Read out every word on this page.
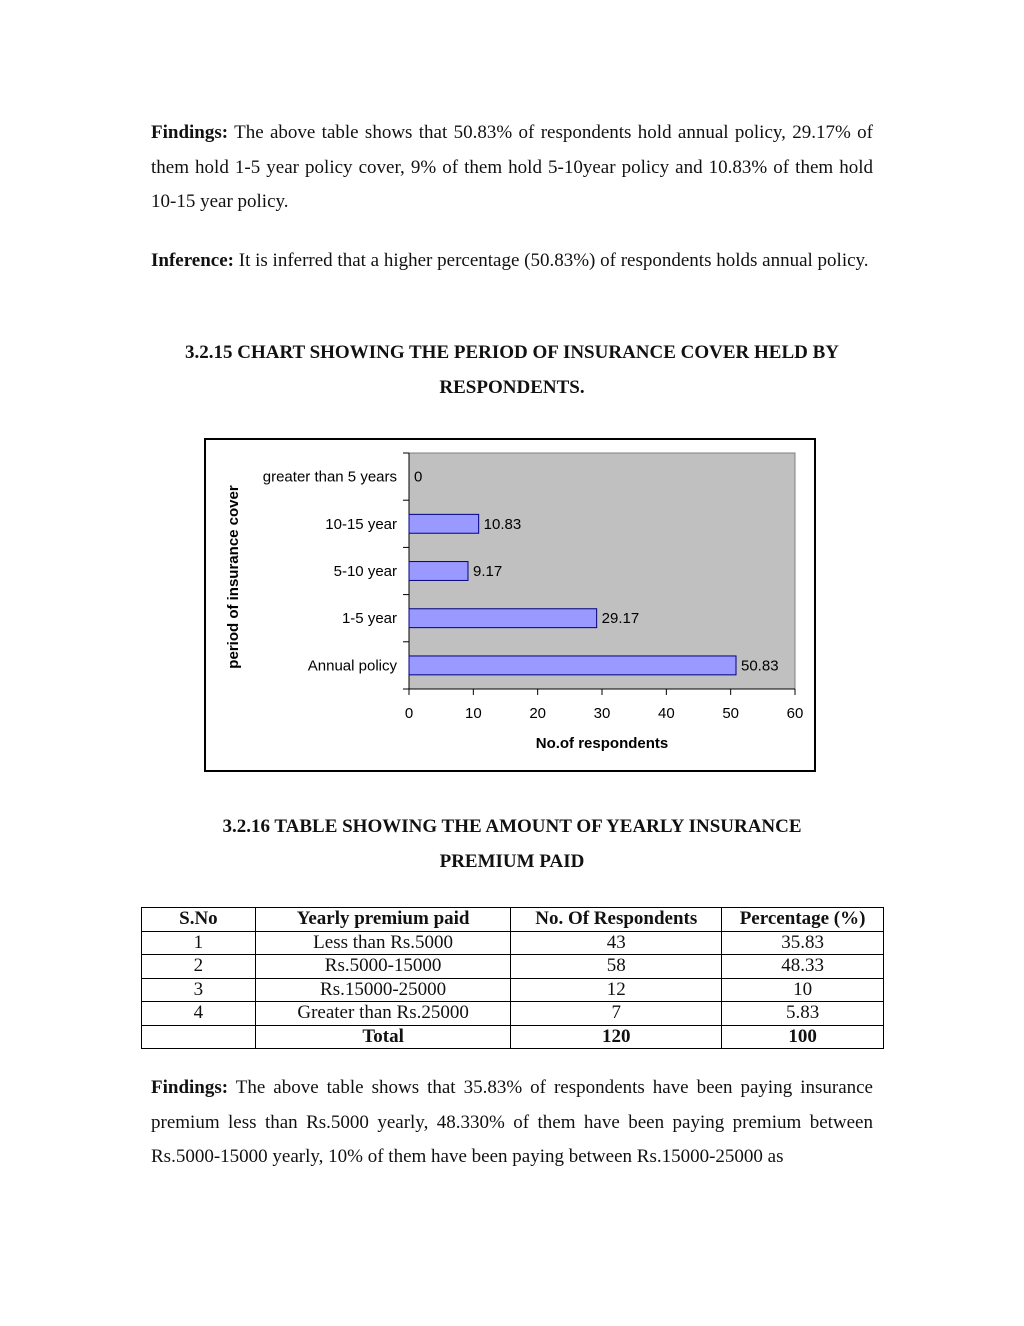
Findings: The above table shows that 50.83% of respondents hold annual policy, 29.17% of them hold 1-5 year policy cover, 9% of them hold 5-10year policy and 10.83% of them hold 10-15 year policy.

Inference: It is inferred that a higher percentage (50.83%) of respondents holds annual policy.

3.2.15 CHART SHOWING THE PERIOD OF INSURANCE COVER HELD BY
RESPONDENTS.
0	10	20	30	40	50	60
Annual policy	50.83
1-5 year	29.17
5-10 year	9.17
10-15 year	10.83
greater than 5 years 0
No.of respondents
period of insurance cover
3.2.16 TABLE SHOWING THE AMOUNT OF YEARLY INSURANCE
PREMIUM PAID
S.No	Yearly premium paid	No. Of Respondents	Percentage (%)
1	Less than Rs.5000	43	35.83
2	Rs.5000-15000	58	48.33
3	Rs.15000-25000	12	10
4	Greater than Rs.25000	7	5.83
	Total	120	100

Findings: The above table shows that 35.83% of respondents have been paying insurance premium less than Rs.5000 yearly, 48.330% of them have been paying premium between Rs.5000-15000 yearly, 10% of them have been paying between Rs.15000-25000 as
